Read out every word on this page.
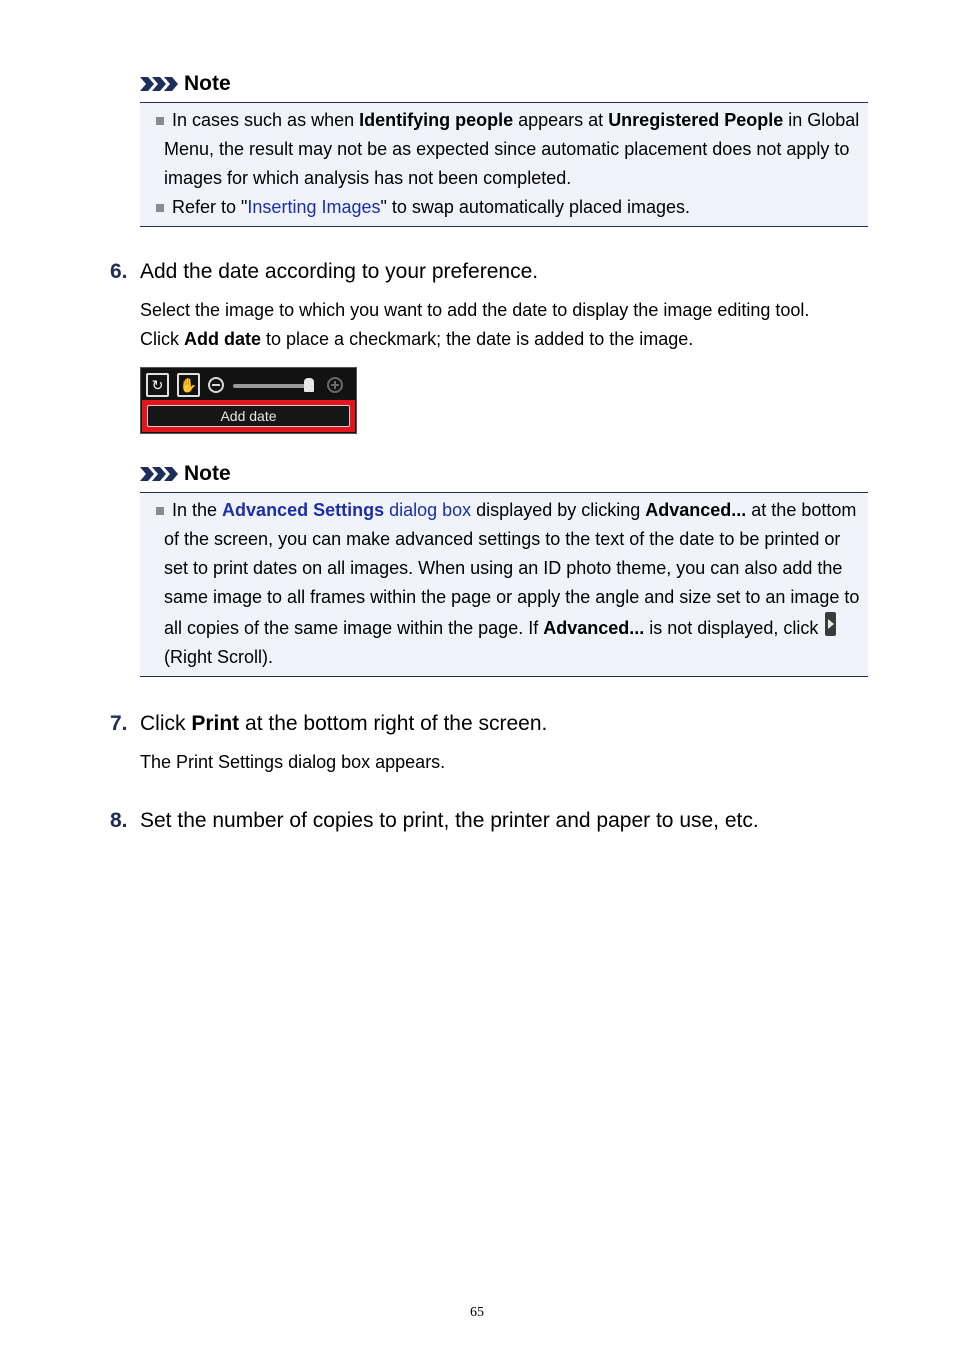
Note
In cases such as when Identifying people appears at Unregistered People in Global Menu, the result may not be as expected since automatic placement does not apply to images for which analysis has not been completed.
Refer to "Inserting Images" to swap automatically placed images.
6. Add the date according to your preference.
Select the image to which you want to add the date to display the image editing tool.
Click Add date to place a checkmark; the date is added to the image.
↻	✋
Add date
Note
In the Advanced Settings dialog box displayed by clicking Advanced... at the bottom of the screen, you can make advanced settings to the text of the date to be printed or set to print dates on all images. When using an ID photo theme, you can also add the same image to all frames within the page or apply the angle and size set to an image to all copies of the same image within the page. If Advanced... is not displayed, click  (Right Scroll).
7. Click Print at the bottom right of the screen.
The Print Settings dialog box appears.
8. Set the number of copies to print, the printer and paper to use, etc.
65
